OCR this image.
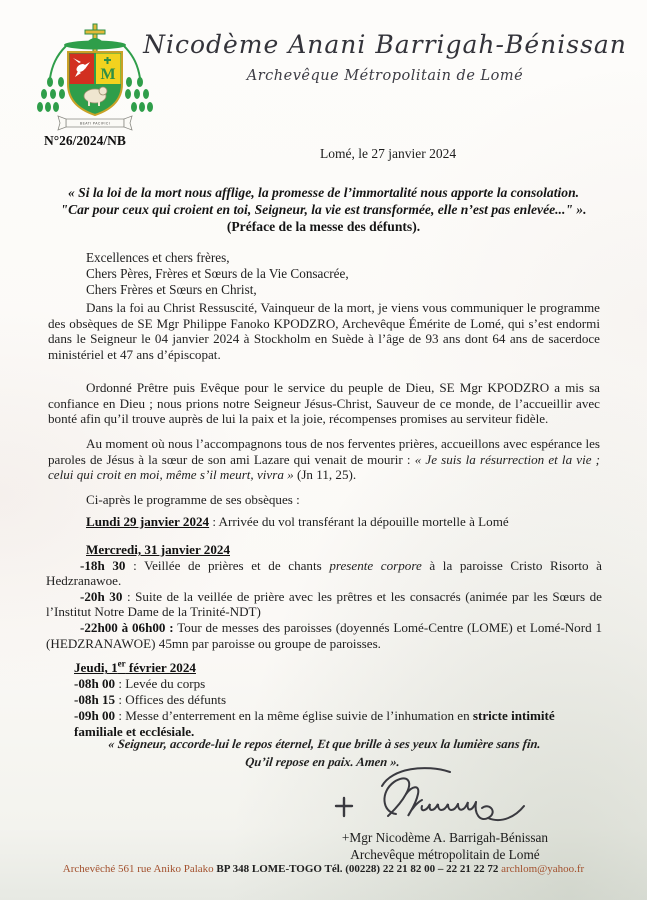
M
BEATI PACIFICI
Nicodème Anani Barrigah-Bénissan
Archevêque Métropolitain de Lomé
N°26/2024/NB
Lomé, le 27 janvier 2024
« Si la loi de la mort nous afflige, la promesse de l’immortalité nous apporte la consolation.
"Car pour ceux qui croient en toi, Seigneur, la vie est transformée, elle n’est pas enlevée..." ».
(Préface de la messe des défunts).
Excellences et chers frères,
Chers Pères, Frères et Sœurs de la Vie Consacrée,
Chers Frères et Sœurs en Christ,
Dans la foi au Christ Ressuscité, Vainqueur de la mort, je viens vous communiquer le programme des obsèques de SE Mgr Philippe Fanoko KPODZRO, Archevêque Émérite de Lomé, qui s’est endormi dans le Seigneur le 04 janvier 2024 à Stockholm en Suède à l’âge de 93 ans dont 64 ans de sacerdoce ministériel et 47 ans d’épiscopat.
Ordonné Prêtre puis Evêque pour le service du peuple de Dieu, SE Mgr KPODZRO a mis sa confiance en Dieu ; nous prions notre Seigneur Jésus-Christ, Sauveur de ce monde, de l’accueillir avec bonté afin qu’il trouve auprès de lui la paix et la joie, récompenses promises au serviteur fidèle.
Au moment où nous l’accompagnons tous de nos ferventes prières, accueillons avec espérance les paroles de Jésus à la sœur de son ami Lazare qui venait de mourir : « Je suis la résurrection et la vie ; celui qui croit en moi, même s’il meurt, vivra » (Jn 11, 25).
Ci-après le programme de ses obsèques :
Lundi 29 janvier 2024 : Arrivée du vol transférant la dépouille mortelle à Lomé

Mercredi, 31 janvier 2024

-18h 30 : Veillée de prières et de chants presente corpore à la paroisse Cristo Risorto à Hedzranawoe.

-20h 30 : Suite de la veillée de prière avec les prêtres et les consacrés (animée par les Sœurs de l’Institut Notre Dame de la Trinité-NDT)

-22h00 à 06h00 : Tour de messes des paroisses (doyennés Lomé-Centre (LOME) et Lomé-Nord 1 (HEDZRANAWOE) 45mn par paroisse ou groupe de paroisses.

Jeudi, 1er février 2024

-08h 00 : Levée du corps

-08h 15 : Offices des défunts

-09h 00 : Messe d’enterrement en la même église suivie de l’inhumation en stricte intimité familiale et ecclésiale.

« Seigneur, accorde-lui le repos éternel, Et que brille à ses yeux la lumière sans fin.
Qu’il repose en paix. Amen ».
+Mgr Nicodème A. Barrigah-Bénissan
Archevêque métropolitain de Lomé
Archevêché 561 rue Aniko Palako BP 348 LOME-TOGO Tél. (00228) 22 21 82 00 – 22 21 22 72 archlom@yahoo.fr
